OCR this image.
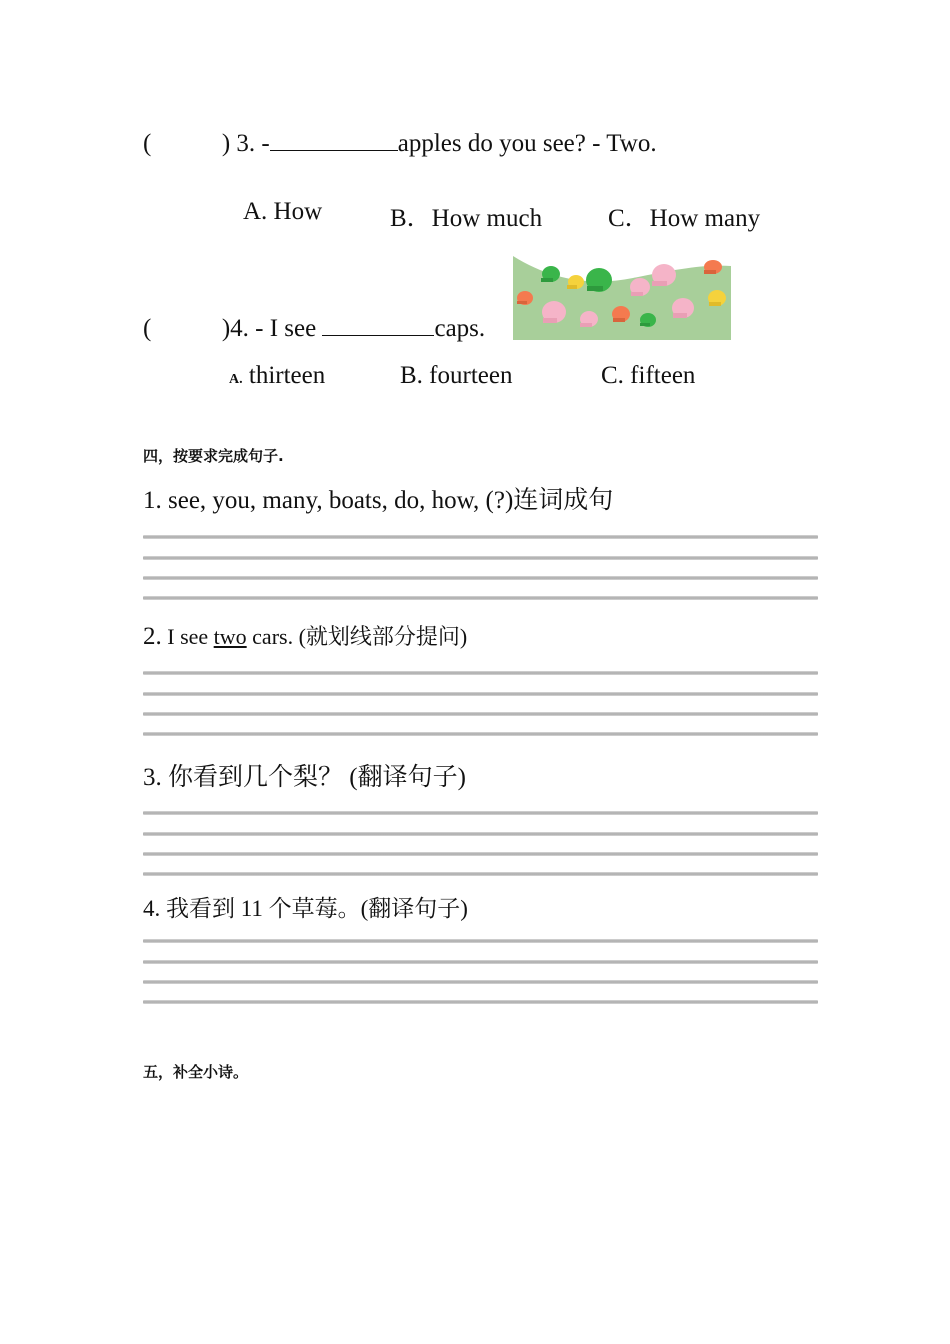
(	) 3. -	apples do you see? - Two.
A. How	B．How much	C．How many
(	)4. - I see	caps.
A. thirteen	B. fourteen	C. fifteen
四，按要求完成句子.
1. see, you, many, boats, do, how, (?)连词成句
2. I see two cars. (就划线部分提问)
3. 你看到几个梨？ (翻译句子)
4. 我看到 11 个草莓。(翻译句子)
五，补全小诗。
